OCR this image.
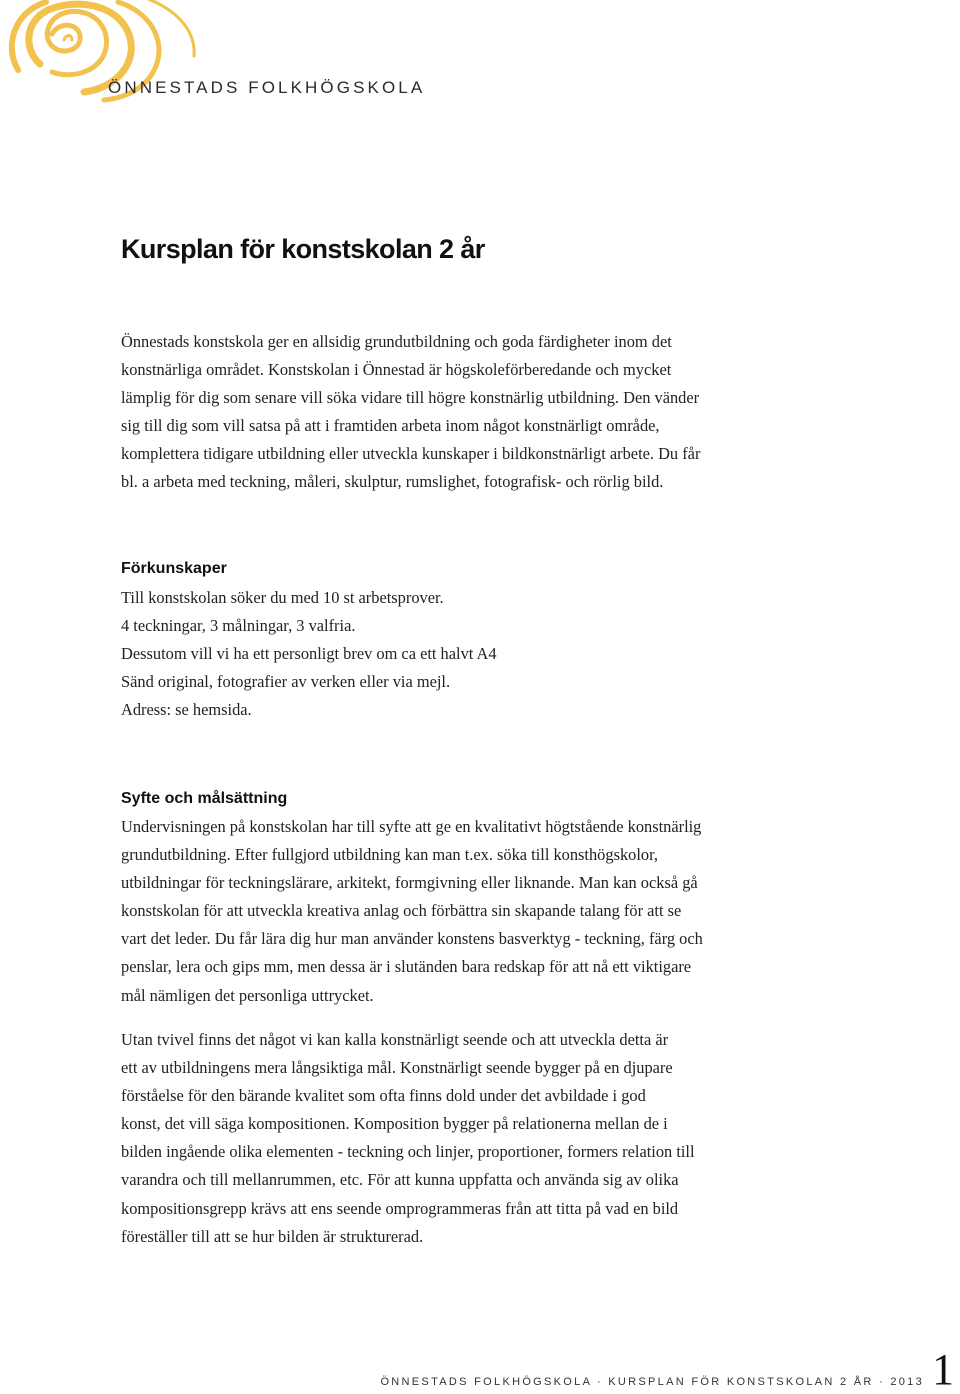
ÖNNESTADS FOLKHÖGSKOLA
Kursplan för konstskolan 2 år

Önnestads konstskola ger en allsidig grundutbildning och goda färdigheter inom det
konstnärliga området. Konstskolan i Önnestad är högskoleförberedande och mycket
lämplig för dig som senare vill söka vidare till högre konstnärlig utbildning. Den vänder
sig till dig som vill satsa på att i framtiden arbeta inom något konstnärligt område,
komplettera tidigare utbildning eller utveckla kunskaper i bildkonstnärligt arbete. Du får
bl. a arbeta med teckning, måleri, skulptur, rumslighet, fotografisk- och rörlig bild.

Förkunskaper

Till konstskolan söker du med 10 st arbetsprover.
4 teckningar, 3 målningar, 3 valfria.
Dessutom vill vi ha ett personligt brev om ca ett halvt A4
Sänd original, fotografier av verken eller via mejl.
Adress: se hemsida.

Syfte och målsättning

Undervisningen på konstskolan har till syfte att ge en kvalitativt högtstående konstnärlig
grundutbildning. Efter fullgjord utbildning kan man t.ex. söka till konsthögskolor,
utbildningar för teckningslärare, arkitekt, formgivning eller liknande. Man kan också gå
konstskolan för att utveckla kreativa anlag och förbättra sin skapande talang för att se
vart det leder. Du får lära dig hur man använder konstens basverktyg - teckning, färg och
penslar, lera och gips mm, men dessa är i slutänden bara redskap för att nå ett viktigare
mål nämligen det personliga uttrycket.

Utan tvivel finns det något vi kan kalla konstnärligt seende och att utveckla detta är
ett av utbildningens mera långsiktiga mål. Konstnärligt seende bygger på en djupare
förståelse för den bärande kvalitet som ofta finns dold under det avbildade i god
konst, det vill säga kompositionen. Komposition bygger på relationerna mellan de i
bilden ingående olika elementen - teckning och linjer, proportioner, formers relation till
varandra och till mellanrummen, etc. För att kunna uppfatta och använda sig av olika
kompositionsgrepp krävs att ens seende omprogrammeras från att titta på vad en bild
föreställer till att se hur bilden är strukturerad.

ÖNNESTADS FOLKHÖGSKOLA · KURSPLAN FÖR KONSTSKOLAN 2 ÅR · 2013 1
